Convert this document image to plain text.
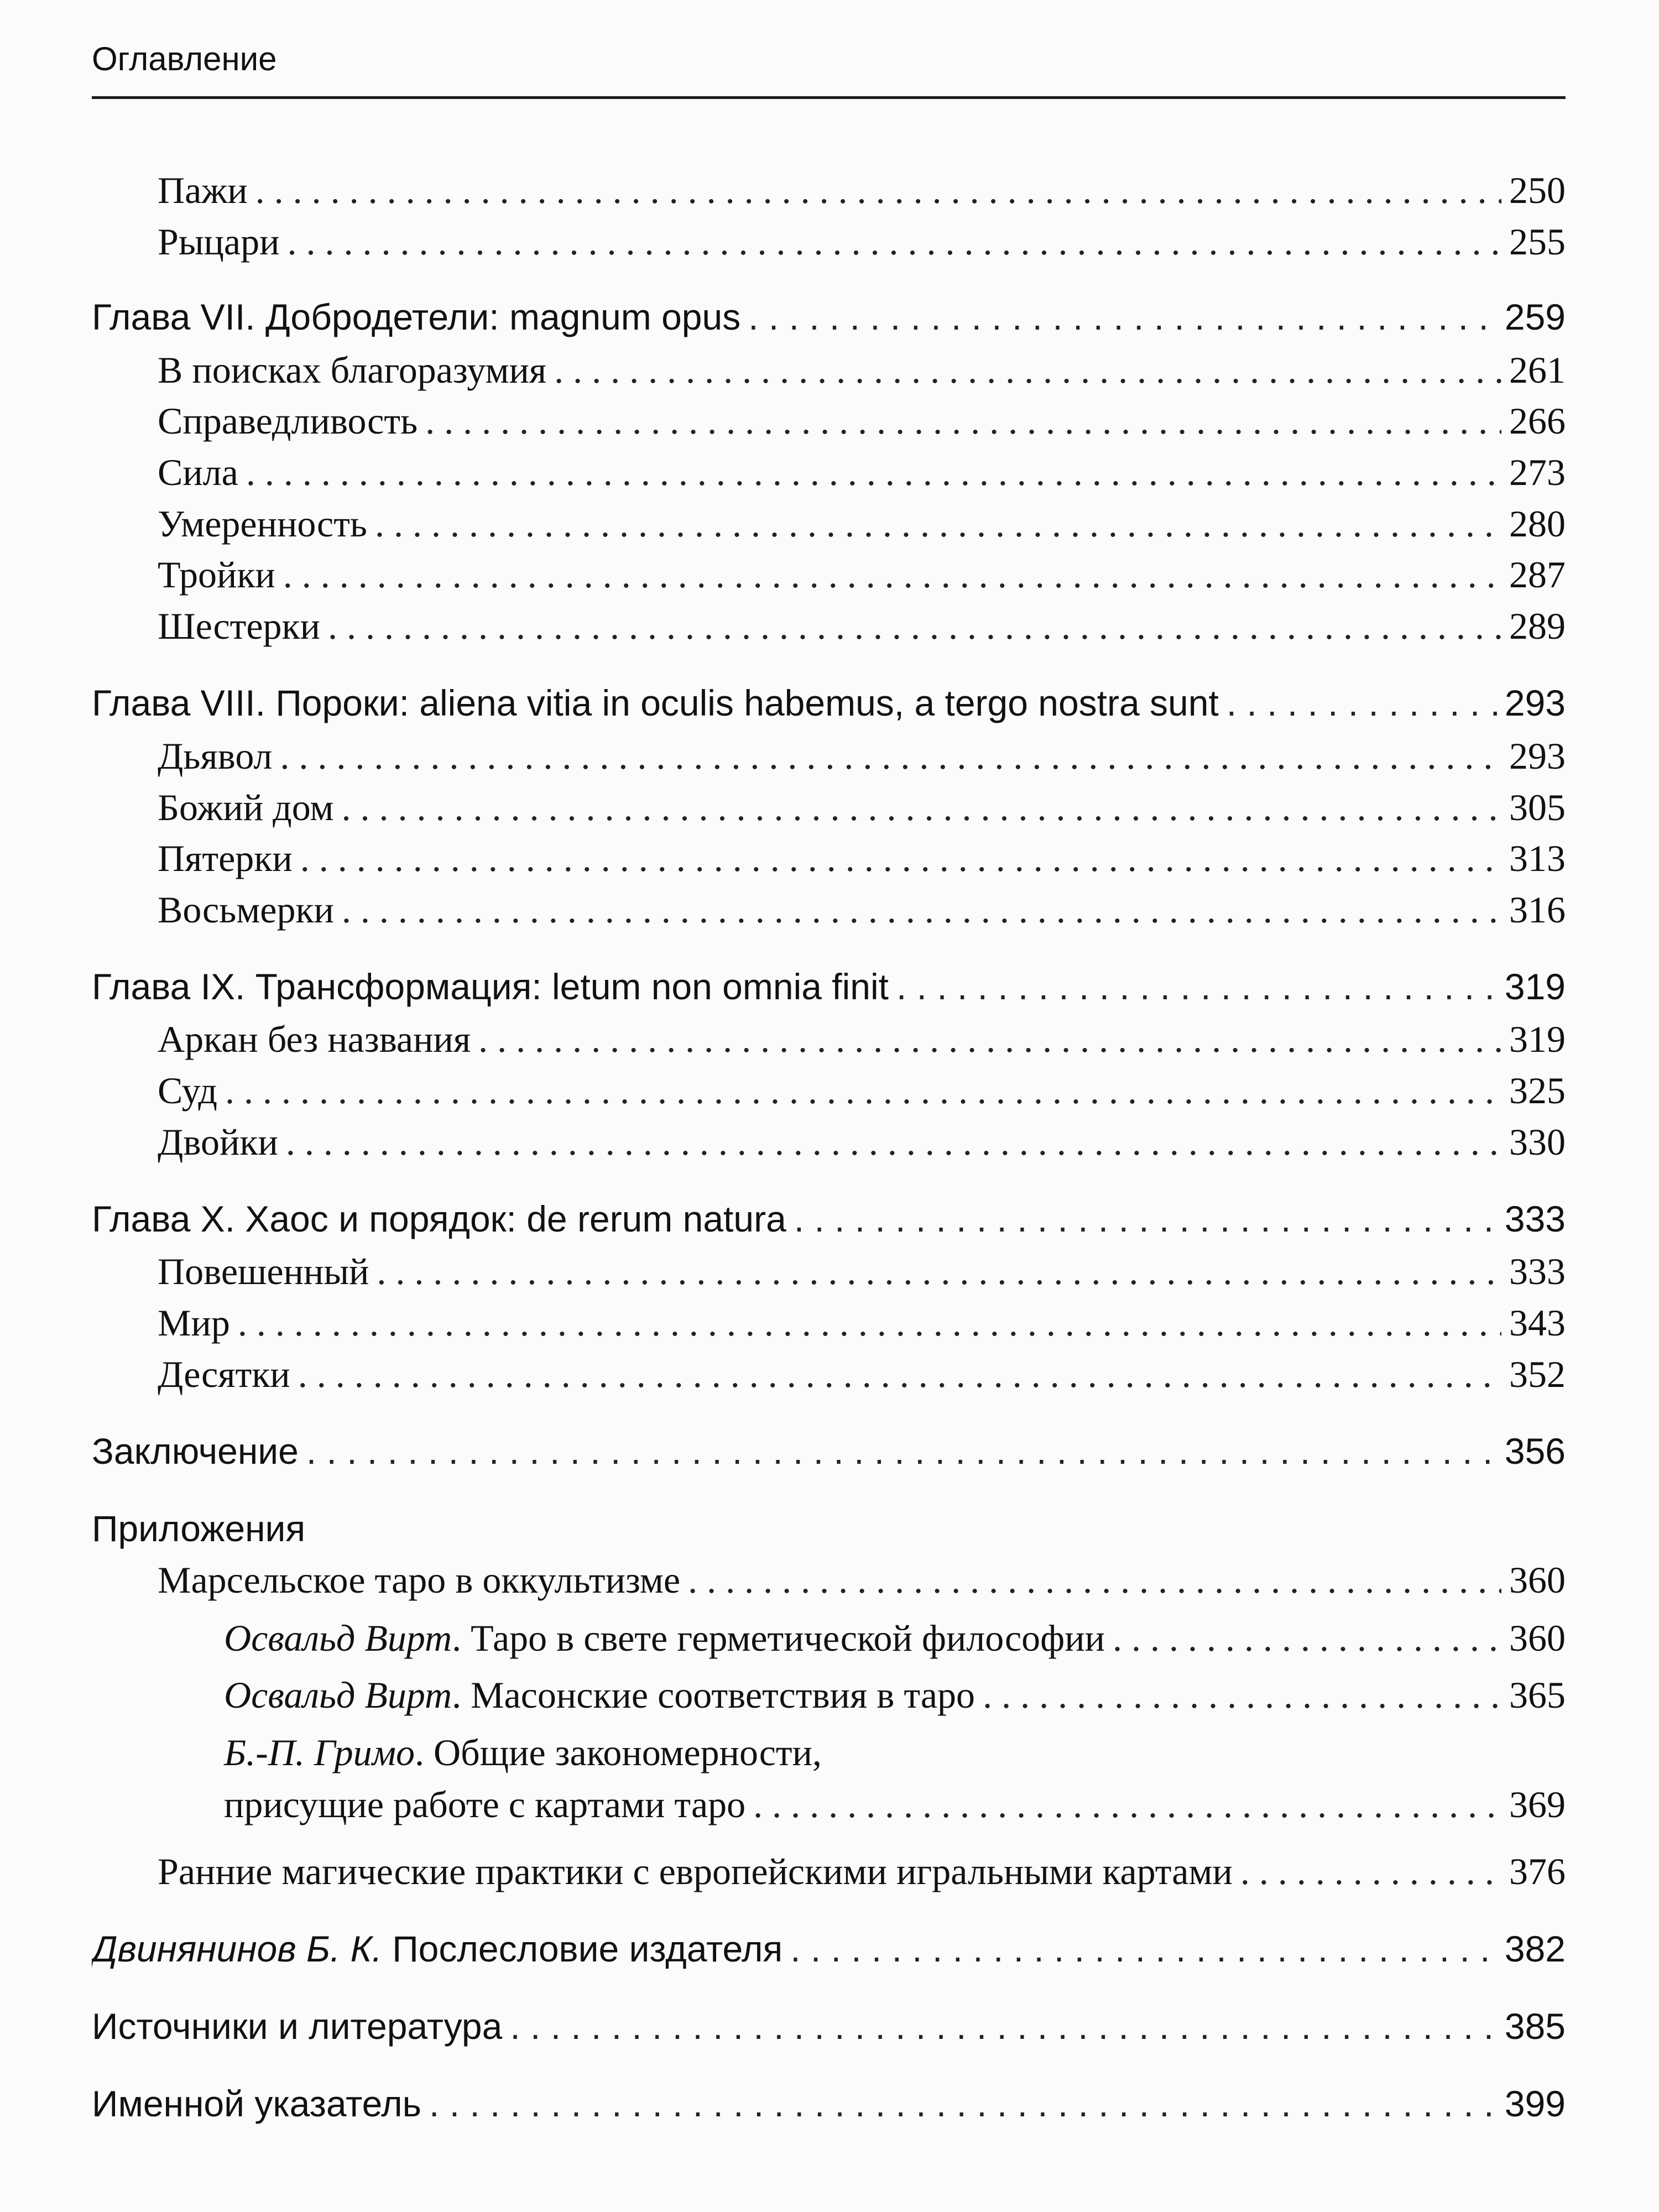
Оглавление
Пажи . . .	250
Рыцари . . .	255
Глава VII. Добродетели: magnum opus . . .	259
В поисках благоразумия . . .	261
Справедливость . . .	266
Сила . . .	273
Умеренность . . .	280
Тройки . . .	287
Шестерки . . .	289
Глава VIII. Пороки: aliena vitia in oculis habemus, a tergo nostra sunt . . .	293
Дьявол . . .	293
Божий дом . . .	305
Пятерки . . .	313
Восьмерки . . .	316
Глава IX. Трансформация: letum non omnia finit . . .	319
Аркан без названия . . .	319
Суд . . .	325
Двойки . . .	330
Глава X. Хаос и порядок: de rerum natura . . .	333
Повешенный . . .	333
Мир . . .	343
Десятки . . .	352
Заключение . . .	356
Приложения
Марсельское таро в оккультизме . . .	360
Освальд Вирт. Таро в свете герметической философии . . .	360
Освальд Вирт. Масонские соответствия в таро . . .	365
Б.-П. Гримо. Общие закономерности,
присущие работе с картами таро . . .	369
Ранние магические практики с европейскими игральными картами . . .	376
Двинянинов Б. К. Послесловие издателя . . .	382
Источники и литература . . .	385
Именной указатель . . .	399
